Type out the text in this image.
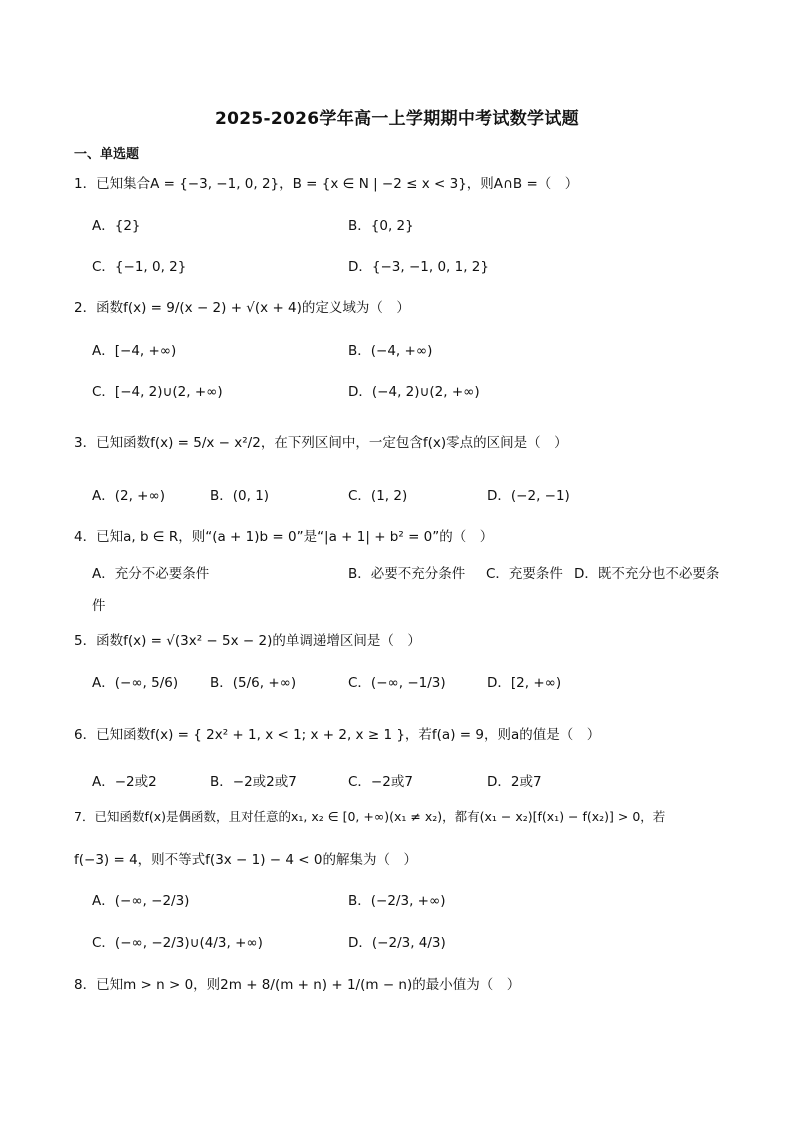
2025-2026学年高一上学期期中考试数学试题
一、单选题
1．已知集合A = {−3, −1, 0, 2}，B = {x ∈ N | −2 ≤ x < 3}，则A∩B =（　）
A．{2}	B．{0, 2}
C．{−1, 0, 2}	D．{−3, −1, 0, 1, 2}
2．函数f(x) = 9/(x − 2) + √(x + 4)的定义域为（　）
A．[−4, +∞)	B．(−4, +∞)
C．[−4, 2)∪(2, +∞)	D．(−4, 2)∪(2, +∞)
3．已知函数f(x) = 5/x − x²/2，在下列区间中，一定包含f(x)零点的区间是（　）
A．(2, +∞)	B．(0, 1)	C．(1, 2)	D．(−2, −1)
4．已知a, b ∈ R，则“(a + 1)b = 0”是“|a + 1| + b² = 0”的（　）
A．充分不必要条件	B．必要不充分条件 C．充要条件 D．既不充分也不必要条
件
5．函数f(x) = √(3x² − 5x − 2)的单调递增区间是（　）
A．(−∞, 5/6) B．(5/6, +∞)	C．(−∞, −1/3)	D．[2, +∞)
6．已知函数f(x) = { 2x² + 1, x < 1; x + 2, x ≥ 1 }，若f(a) = 9，则a的值是（　）
A．−2或2	B．−2或2或7	C．−2或7	D．2或7
7．已知函数f(x)是偶函数，且对任意的x₁, x₂ ∈ [0, +∞)(x₁ ≠ x₂)，都有(x₁ − x₂)[f(x₁) − f(x₂)] > 0，若
f(−3) = 4，则不等式f(3x − 1) − 4 < 0的解集为（　）
A．(−∞, −2/3)	B．(−2/3, +∞)
C．(−∞, −2/3)∪(4/3, +∞)	D．(−2/3, 4/3)
8．已知m > n > 0，则2m + 8/(m + n) + 1/(m − n)的最小值为（　）
